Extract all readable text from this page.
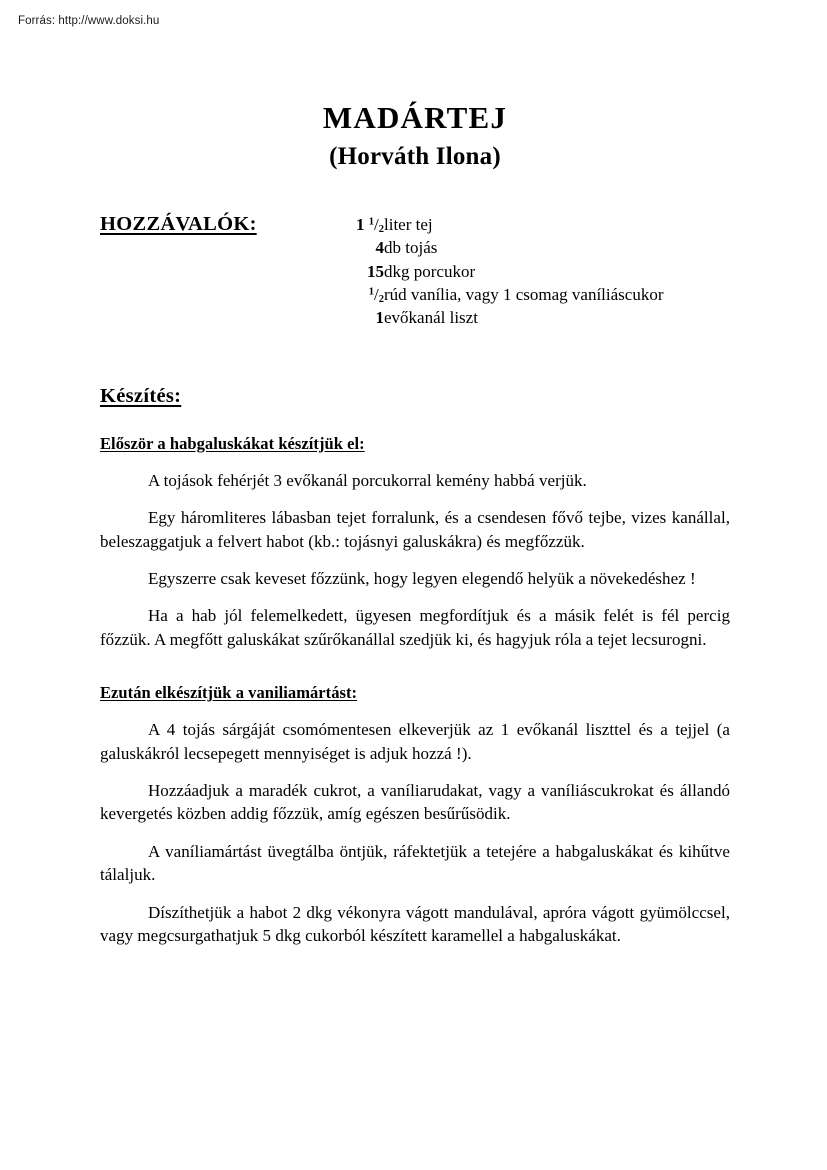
Forrás: http://www.doksi.hu
MADÁRTEJ
(Horváth Ilona)
HOZZÁVALÓK:	1 $^1/_2$	liter tej
4	db tojás
15	dkg porcukor
$^1/_2$	rúd vanília, vagy 1 csomag vaníliáscukor
1	evőkanál liszt
Készítés:
Először a habgaluskákat készítjük el:

A tojások fehérjét 3 evőkanál porcukorral kemény habbá verjük.

Egy háromliteres lábasban tejet forralunk, és a csendesen fővő tejbe, vizes kanállal, beleszaggatjuk a felvert habot (kb.: tojásnyi galuskákra) és megfőzzük.

Egyszerre csak keveset főzzünk, hogy legyen elegendő helyük a növekedéshez !

Ha a hab jól felemelkedett, ügyesen megfordítjuk és a másik felét is fél percig főzzük. A megfőtt galuskákat szűrőkanállal szedjük ki, és hagyjuk róla a tejet lecsurogni.

Ezután elkészítjük a vaniliamártást:

A 4 tojás sárgáját csomómentesen elkeverjük az 1 evőkanál liszttel és a tejjel (a galuskákról lecsepegett mennyiséget is adjuk hozzá !).

Hozzáadjuk a maradék cukrot, a vaníliarudakat, vagy a vaníliáscukrokat és állandó kevergetés közben addig főzzük, amíg egészen besűrűsödik.

A vaníliamártást üvegtálba öntjük, ráfektetjük a tetejére a habgaluskákat és kihűtve tálaljuk.

Díszíthetjük a habot 2 dkg vékonyra vágott mandulával, apróra vágott gyümölccsel, vagy megcsurgathatjuk 5 dkg cukorból készített karamellel a habgaluskákat.
